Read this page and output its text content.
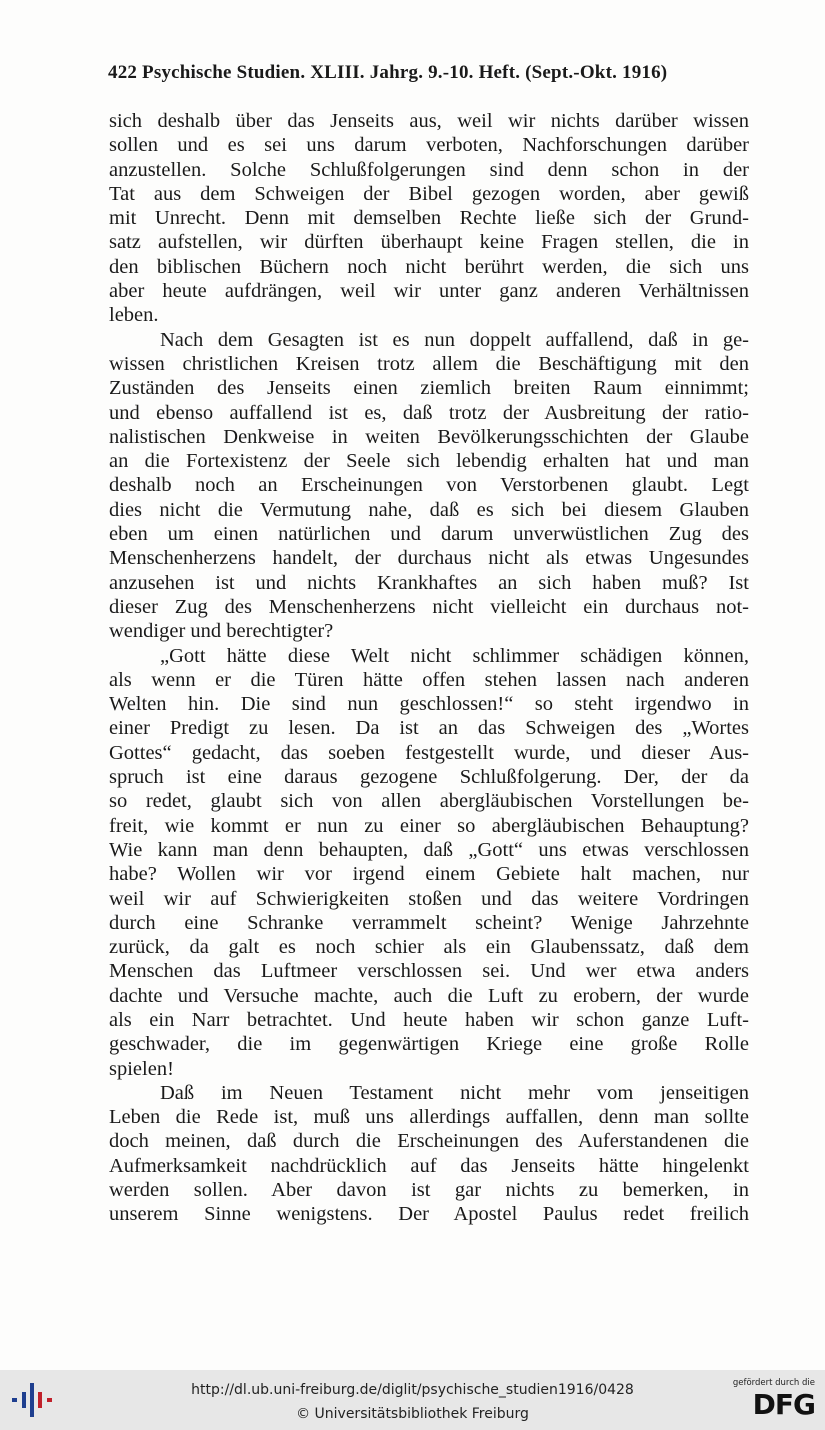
422 Psychische Studien. XLIII. Jahrg. 9.-10. Heft. (Sept.-Okt. 1916)
sich deshalb über das Jenseits aus, weil wir nichts darüber wissen
sollen und es sei uns darum verboten, Nachforschungen darüber
anzustellen. Solche Schlußfolgerungen sind denn schon in der
Tat aus dem Schweigen der Bibel gezogen worden, aber gewiß
mit Unrecht. Denn mit demselben Rechte ließe sich der Grund-
satz aufstellen, wir dürften überhaupt keine Fragen stellen, die in
den biblischen Büchern noch nicht berührt werden, die sich uns
aber heute aufdrängen, weil wir unter ganz anderen Verhältnissen
leben.
Nach dem Gesagten ist es nun doppelt auffallend, daß in ge-
wissen christlichen Kreisen trotz allem die Beschäftigung mit den
Zuständen des Jenseits einen ziemlich breiten Raum einnimmt;
und ebenso auffallend ist es, daß trotz der Ausbreitung der ratio-
nalistischen Denkweise in weiten Bevölkerungsschichten der Glaube
an die Fortexistenz der Seele sich lebendig erhalten hat und man
deshalb noch an Erscheinungen von Verstorbenen glaubt. Legt
dies nicht die Vermutung nahe, daß es sich bei diesem Glauben
eben um einen natürlichen und darum unverwüstlichen Zug des
Menschenherzens handelt, der durchaus nicht als etwas Ungesundes
anzusehen ist und nichts Krankhaftes an sich haben muß? Ist
dieser Zug des Menschenherzens nicht vielleicht ein durchaus not-
wendiger und berechtigter?
„Gott hätte diese Welt nicht schlimmer schädigen können,
als wenn er die Türen hätte offen stehen lassen nach anderen
Welten hin. Die sind nun geschlossen!“ so steht irgendwo in
einer Predigt zu lesen. Da ist an das Schweigen des „Wortes
Gottes“ gedacht, das soeben festgestellt wurde, und dieser Aus-
spruch ist eine daraus gezogene Schlußfolgerung. Der, der da
so redet, glaubt sich von allen abergläubischen Vorstellungen be-
freit, wie kommt er nun zu einer so abergläubischen Behauptung?
Wie kann man denn behaupten, daß „Gott“ uns etwas verschlossen
habe? Wollen wir vor irgend einem Gebiete halt machen, nur
weil wir auf Schwierigkeiten stoßen und das weitere Vordringen
durch eine Schranke verrammelt scheint? Wenige Jahrzehnte
zurück, da galt es noch schier als ein Glaubenssatz, daß dem
Menschen das Luftmeer verschlossen sei. Und wer etwa anders
dachte und Versuche machte, auch die Luft zu erobern, der wurde
als ein Narr betrachtet. Und heute haben wir schon ganze Luft-
geschwader, die im gegenwärtigen Kriege eine große Rolle
spielen!
Daß im Neuen Testament nicht mehr vom jenseitigen
Leben die Rede ist, muß uns allerdings auffallen, denn man sollte
doch meinen, daß durch die Erscheinungen des Auferstandenen die
Aufmerksamkeit nachdrücklich auf das Jenseits hätte hingelenkt
werden sollen. Aber davon ist gar nichts zu bemerken, in
unserem Sinne wenigstens. Der Apostel Paulus redet freilich
http://dl.ub.uni-freiburg.de/diglit/psychische_studien1916/0428
© Universitätsbibliothek Freiburg
gefördert durch die
DFG
